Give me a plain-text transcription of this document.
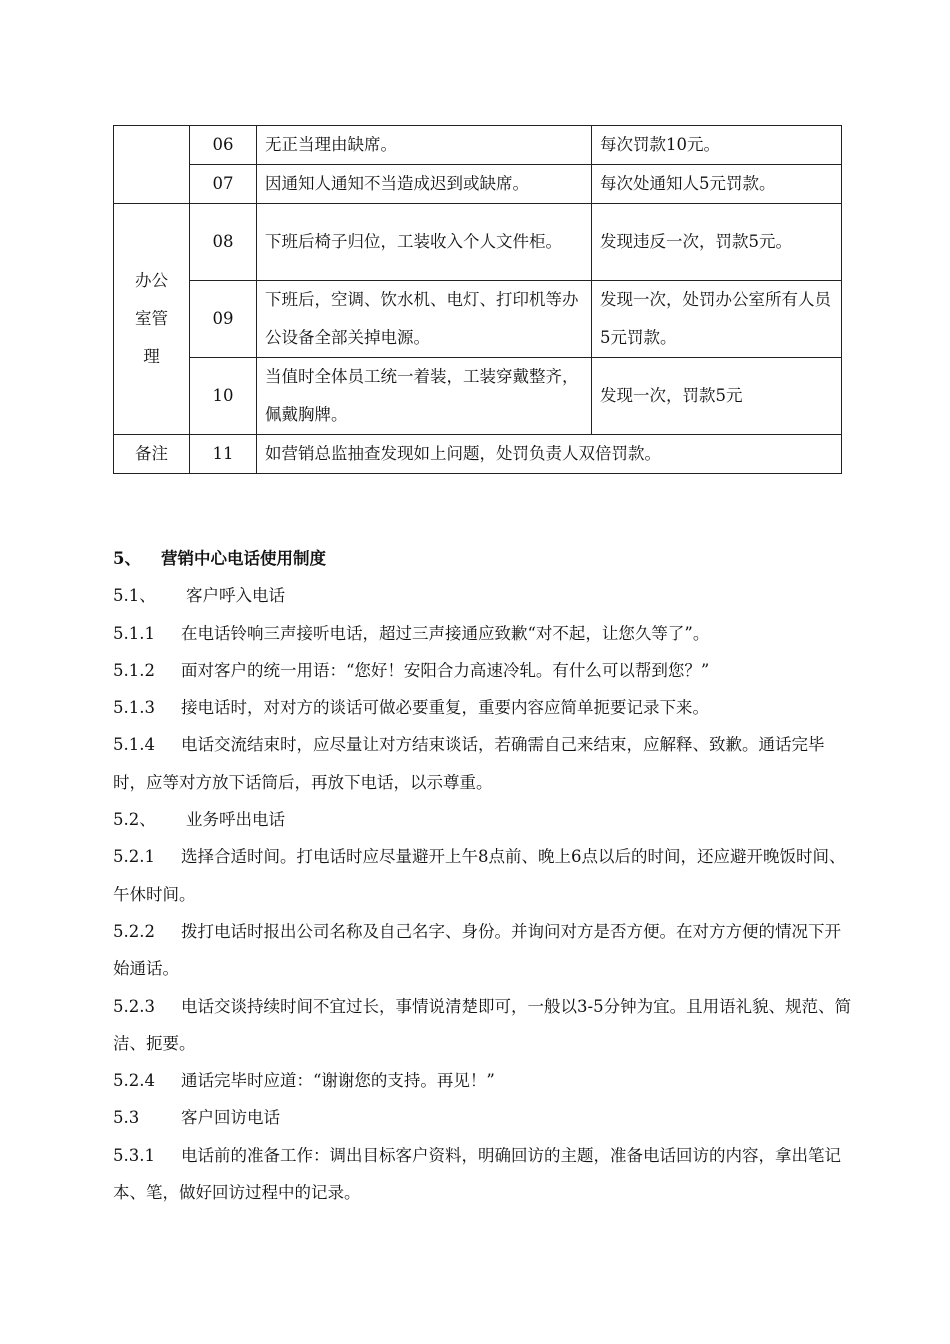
	06	无正当理由缺席。	每次罚款10元。
	07	因通知人通知不当造成迟到或缺席。	每次处通知人5元罚款。
办公室管理	08	下班后椅子归位，工装收入个人文件柜。	发现违反一次，罚款5元。
	09	下班后，空调、饮水机、电灯、打印机等办公设备全部关掉电源。	发现一次，处罚办公室所有人员5元罚款。
	10	当值时全体员工统一着装，工装穿戴整齐，佩戴胸牌。	发现一次，罚款5元
备注	11	如营销总监抽查发现如上问题，处罚负责人双倍罚款。	
5、 营销中心电话使用制度
5.1、 客户呼入电话
5.1.1 在电话铃响三声接听电话，超过三声接通应致歉“对不起，让您久等了”。
5.1.2 面对客户的统一用语：“您好！安阳合力高速冷轧。有什么可以帮到您？”
5.1.3 接电话时，对对方的谈话可做必要重复，重要内容应简单扼要记录下来。
5.1.4 电话交流结束时，应尽量让对方结束谈话，若确需自己来结束，应解释、致歉。通话完毕时，应等对方放下话筒后，再放下电话，以示尊重。
5.2、 业务呼出电话
5.2.1 选择合适时间。打电话时应尽量避开上午8点前、晚上6点以后的时间，还应避开晚饭时间、午休时间。
5.2.2 拨打电话时报出公司名称及自己名字、身份。并询问对方是否方便。在对方方便的情况下开始通话。
5.2.3 电话交谈持续时间不宜过长，事情说清楚即可，一般以3-5分钟为宜。且用语礼貌、规范、简洁、扼要。
5.2.4 通话完毕时应道：“谢谢您的支持。再见！”
5.3	客户回访电话
5.3.1 电话前的准备工作：调出目标客户资料，明确回访的主题，准备电话回访的内容，拿出笔记本、笔，做好回访过程中的记录。
